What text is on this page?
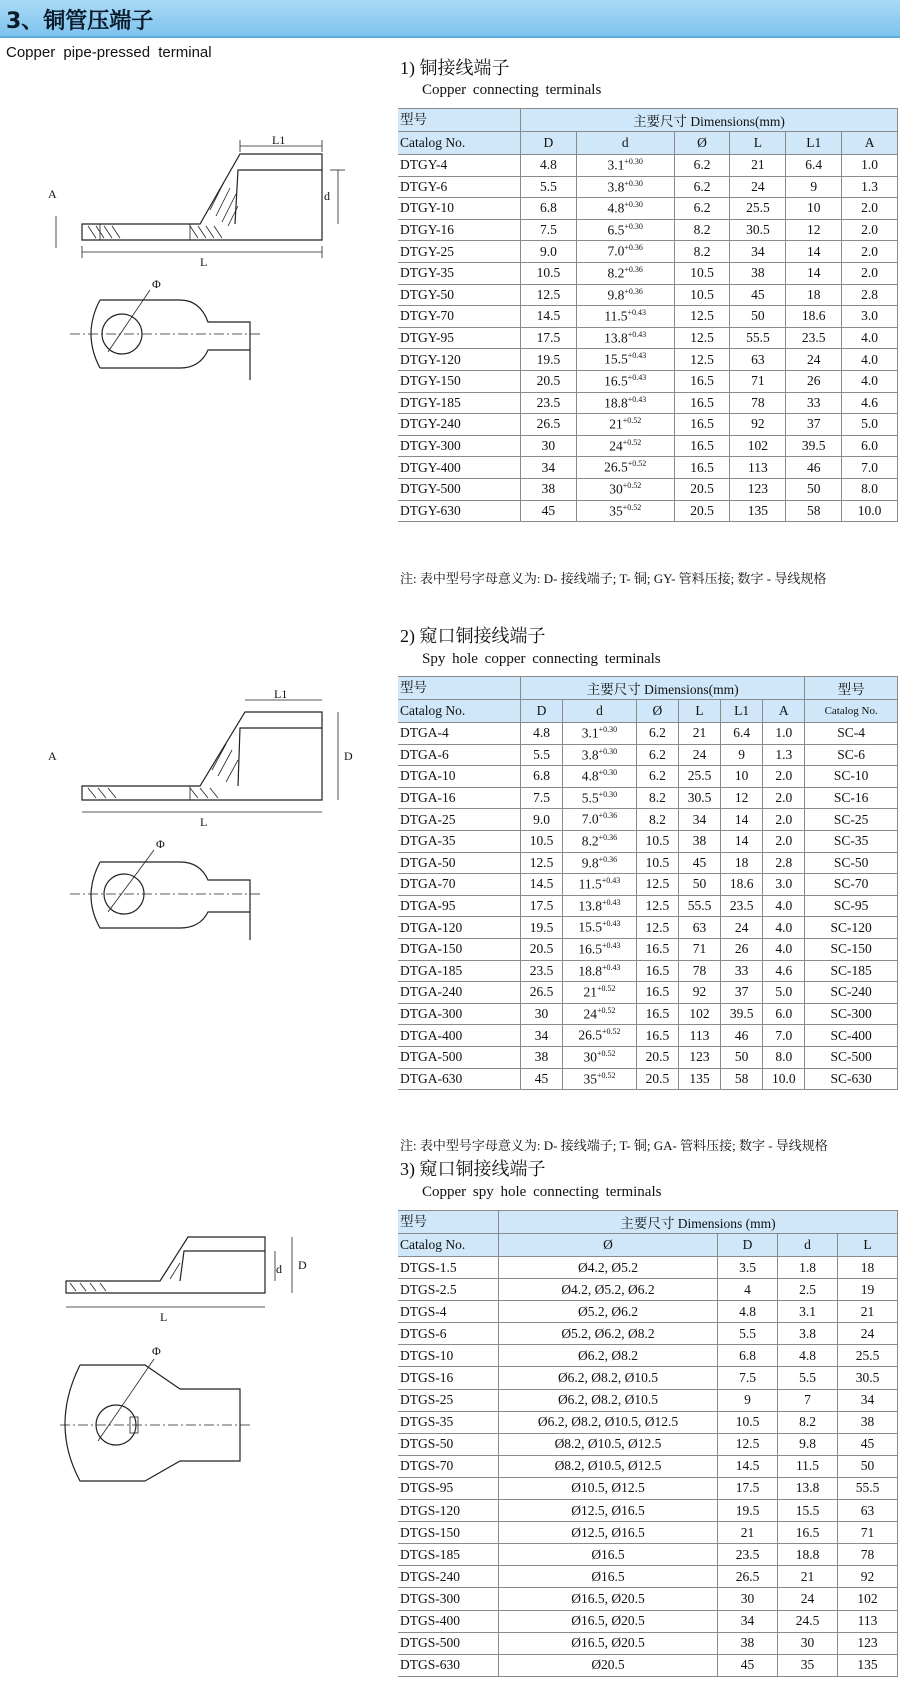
3、铜管压端子
Copper pipe-pressed terminal
1) 铜接线端子
Copper connecting terminals
型号	主要尺寸 Dimensions(mm)					
Catalog No.	D	d	Ø	L	L1	A
DTGY-4	4.8	$3.1^{+0.30}$	6.2	21	6.4	1.0
DTGY-6	5.5	$3.8^{+0.30}$	6.2	24	9	1.3
DTGY-10	6.8	$4.8^{+0.30}$	6.2	25.5	10	2.0
DTGY-16	7.5	$6.5^{+0.30}$	8.2	30.5	12	2.0
DTGY-25	9.0	$7.0^{+0.36}$	8.2	34	14	2.0
DTGY-35	10.5	$8.2^{+0.36}$	10.5	38	14	2.0
DTGY-50	12.5	$9.8^{+0.36}$	10.5	45	18	2.8
DTGY-70	14.5	$11.5^{+0.43}$	12.5	50	18.6	3.0
DTGY-95	17.5	$13.8^{+0.43}$	12.5	55.5	23.5	4.0
DTGY-120	19.5	$15.5^{+0.43}$	12.5	63	24	4.0
DTGY-150	20.5	$16.5^{+0.43}$	16.5	71	26	4.0
DTGY-185	23.5	$18.8^{+0.43}$	16.5	78	33	4.6
DTGY-240	26.5	$21^{+0.52}$	16.5	92	37	5.0
DTGY-300	30	$24^{+0.52}$	16.5	102	39.5	6.0
DTGY-400	34	$26.5^{+0.52}$	16.5	113	46	7.0
DTGY-500	38	$30^{+0.52}$	20.5	123	50	8.0
DTGY-630	45	$35^{+0.52}$	20.5	135	58	10.0
注: 表中型号字母意义为: D- 接线端子; T- 铜; GY- 管料压接; 数字 - 导线规格
2) 窥口铜接线端子
Spy hole copper connecting terminals
型号	主要尺寸 Dimensions(mm)						型号
Catalog No.	D	d	Ø	L	L1	A	Catalog No.
DTGA-4	4.8	$3.1^{+0.30}$	6.2	21	6.4	1.0	SC-4
DTGA-6	5.5	$3.8^{+0.30}$	6.2	24	9	1.3	SC-6
DTGA-10	6.8	$4.8^{+0.30}$	6.2	25.5	10	2.0	SC-10
DTGA-16	7.5	$5.5^{+0.30}$	8.2	30.5	12	2.0	SC-16
DTGA-25	9.0	$7.0^{+0.36}$	8.2	34	14	2.0	SC-25
DTGA-35	10.5	$8.2^{+0.36}$	10.5	38	14	2.0	SC-35
DTGA-50	12.5	$9.8^{+0.36}$	10.5	45	18	2.8	SC-50
DTGA-70	14.5	$11.5^{+0.43}$	12.5	50	18.6	3.0	SC-70
DTGA-95	17.5	$13.8^{+0.43}$	12.5	55.5	23.5	4.0	SC-95
DTGA-120	19.5	$15.5^{+0.43}$	12.5	63	24	4.0	SC-120
DTGA-150	20.5	$16.5^{+0.43}$	16.5	71	26	4.0	SC-150
DTGA-185	23.5	$18.8^{+0.43}$	16.5	78	33	4.6	SC-185
DTGA-240	26.5	$21^{+0.52}$	16.5	92	37	5.0	SC-240
DTGA-300	30	$24^{+0.52}$	16.5	102	39.5	6.0	SC-300
DTGA-400	34	$26.5^{+0.52}$	16.5	113	46	7.0	SC-400
DTGA-500	38	$30^{+0.52}$	20.5	123	50	8.0	SC-500
DTGA-630	45	$35^{+0.52}$	20.5	135	58	10.0	SC-630
注: 表中型号字母意义为: D- 接线端子; T- 铜; GA- 管料压接; 数字 - 导线规格
3) 窥口铜接线端子
Copper spy hole connecting terminals
型号	主要尺寸 Dimensions (mm)			
Catalog No.	Ø	D	d	L
DTGS-1.5	Ø4.2, Ø5.2	3.5	1.8	18
DTGS-2.5	Ø4.2, Ø5.2, Ø6.2	4	2.5	19
DTGS-4	Ø5.2, Ø6.2	4.8	3.1	21
DTGS-6	Ø5.2, Ø6.2, Ø8.2	5.5	3.8	24
DTGS-10	Ø6.2, Ø8.2	6.8	4.8	25.5
DTGS-16	Ø6.2, Ø8.2, Ø10.5	7.5	5.5	30.5
DTGS-25	Ø6.2, Ø8.2, Ø10.5	9	7	34
DTGS-35	Ø6.2, Ø8.2, Ø10.5, Ø12.5	10.5	8.2	38
DTGS-50	Ø8.2, Ø10.5, Ø12.5	12.5	9.8	45
DTGS-70	Ø8.2, Ø10.5, Ø12.5	14.5	11.5	50
DTGS-95	Ø10.5, Ø12.5	17.5	13.8	55.5
DTGS-120	Ø12.5, Ø16.5	19.5	15.5	63
DTGS-150	Ø12.5, Ø16.5	21	16.5	71
DTGS-185	Ø16.5	23.5	18.8	78
DTGS-240	Ø16.5	26.5	21	92
DTGS-300	Ø16.5, Ø20.5	30	24	102
DTGS-400	Ø16.5, Ø20.5	34	24.5	113
DTGS-500	Ø16.5, Ø20.5	38	30	123
DTGS-630	Ø20.5	45	35	135
L1
L
d
A
Φ
L1
L
D
A
Φ
L
d D
Φ
